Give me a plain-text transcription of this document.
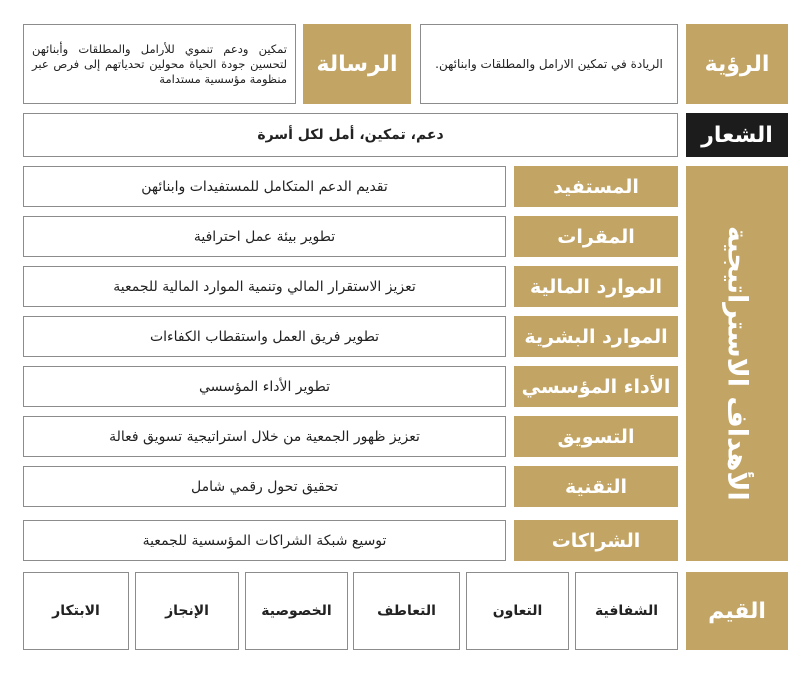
الرؤية
الريادة في تمكين الارامل والمطلقات وابنائهن.
الرسالة
تمكين ودعم تنموي للأرامل والمطلقات وأبنائهن لتحسين جودة الحياة محولين تحدياتهم إلى فرص عبر منظومة مؤسسية مستدامة
الشعار
دعم، تمكين، أمل لكل أسرة
الأهداف الاستراتيجية
المستفيد
تقديم الدعم المتكامل للمستفيدات وابنائهن
المقرات
تطوير بيئة عمل احترافية
الموارد المالية
تعزيز الاستقرار المالي وتنمية الموارد المالية للجمعية
الموارد البشرية
تطوير فريق العمل واستقطاب الكفاءات
الأداء المؤسسي
تطوير الأداء المؤسسي
التسويق
تعزيز ظهور الجمعية من خلال استراتيجية تسويق فعالة
التقنية
تحقيق تحول رقمي شامل
الشراكات
توسيع شبكة الشراكات المؤسسية للجمعية
القيم
الشفافية
التعاون
التعاطف
الخصوصية
الإنجاز
الابتكار
